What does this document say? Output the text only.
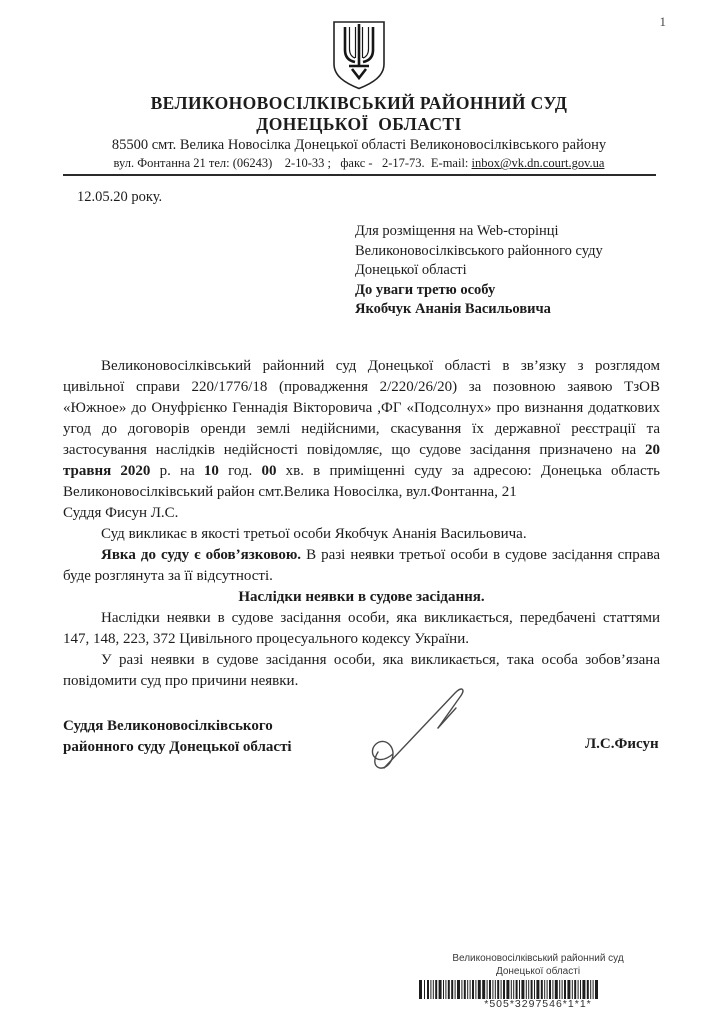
1
ВЕЛИКОНОВОСІЛКІВСЬКИЙ РАЙОННИЙ СУД
ДОНЕЦЬКОЇ  ОБЛАСТІ
85500 смт. Велика Новосілка Донецької області Великоновосілківського району
вул. Фонтанна 21 тел: (06243)    2-10-33 ;   факс -   2-17-73.  E-mail: inbox@vk.dn.court.gov.ua
12.05.20 року.
Для розміщення на Web-сторінці
Великоновосілківського районного суду
Донецької області
До уваги третю особу
Якобчук Ананія Васильовича

Великоновосілківський районний суд Донецької області в зв’язку з розглядом цивільної справи 220/1776/18 (провадження 2/220/26/20) за позовною заявою ТзОВ «Южное» до Онуфрієнко Геннадія Вікторовича ,ФГ «Подсолнух» про визнання додаткових угод до договорів оренди землі недійсними, скасування їх державної реєстрації та застосування наслідків недійсності повідомляє, що судове засідання призначено на 20 травня 2020 р. на 10 год. 00 хв. в приміщенні суду за адресою: Донецька область Великоновосілківський район смт.Велика Новосілка, вул.Фонтанна, 21

Суддя Фисун Л.С.

Суд викликає в якості третьої особи Якобчук Ананія Васильовича.

Явка до суду є обов’язковою. В разі неявки третьої особи в судове засідання справа буде розглянута за її відсутності.

Наслідки неявки в судове засідання.

Наслідки неявки в судове засідання особи, яка викликається, передбачені статтями 147, 148, 223, 372 Цивільного процесуального кодексу України.

У разі неявки в судове засідання особи, яка викликається, така особа зобов’язана повідомити суд про причини неявки.

Суддя Великоновосілківського
районного суду Донецької області	Л.С.Фисун
Великоновосілківський районний суд
Донецької області
*505*3297546*1*1*
